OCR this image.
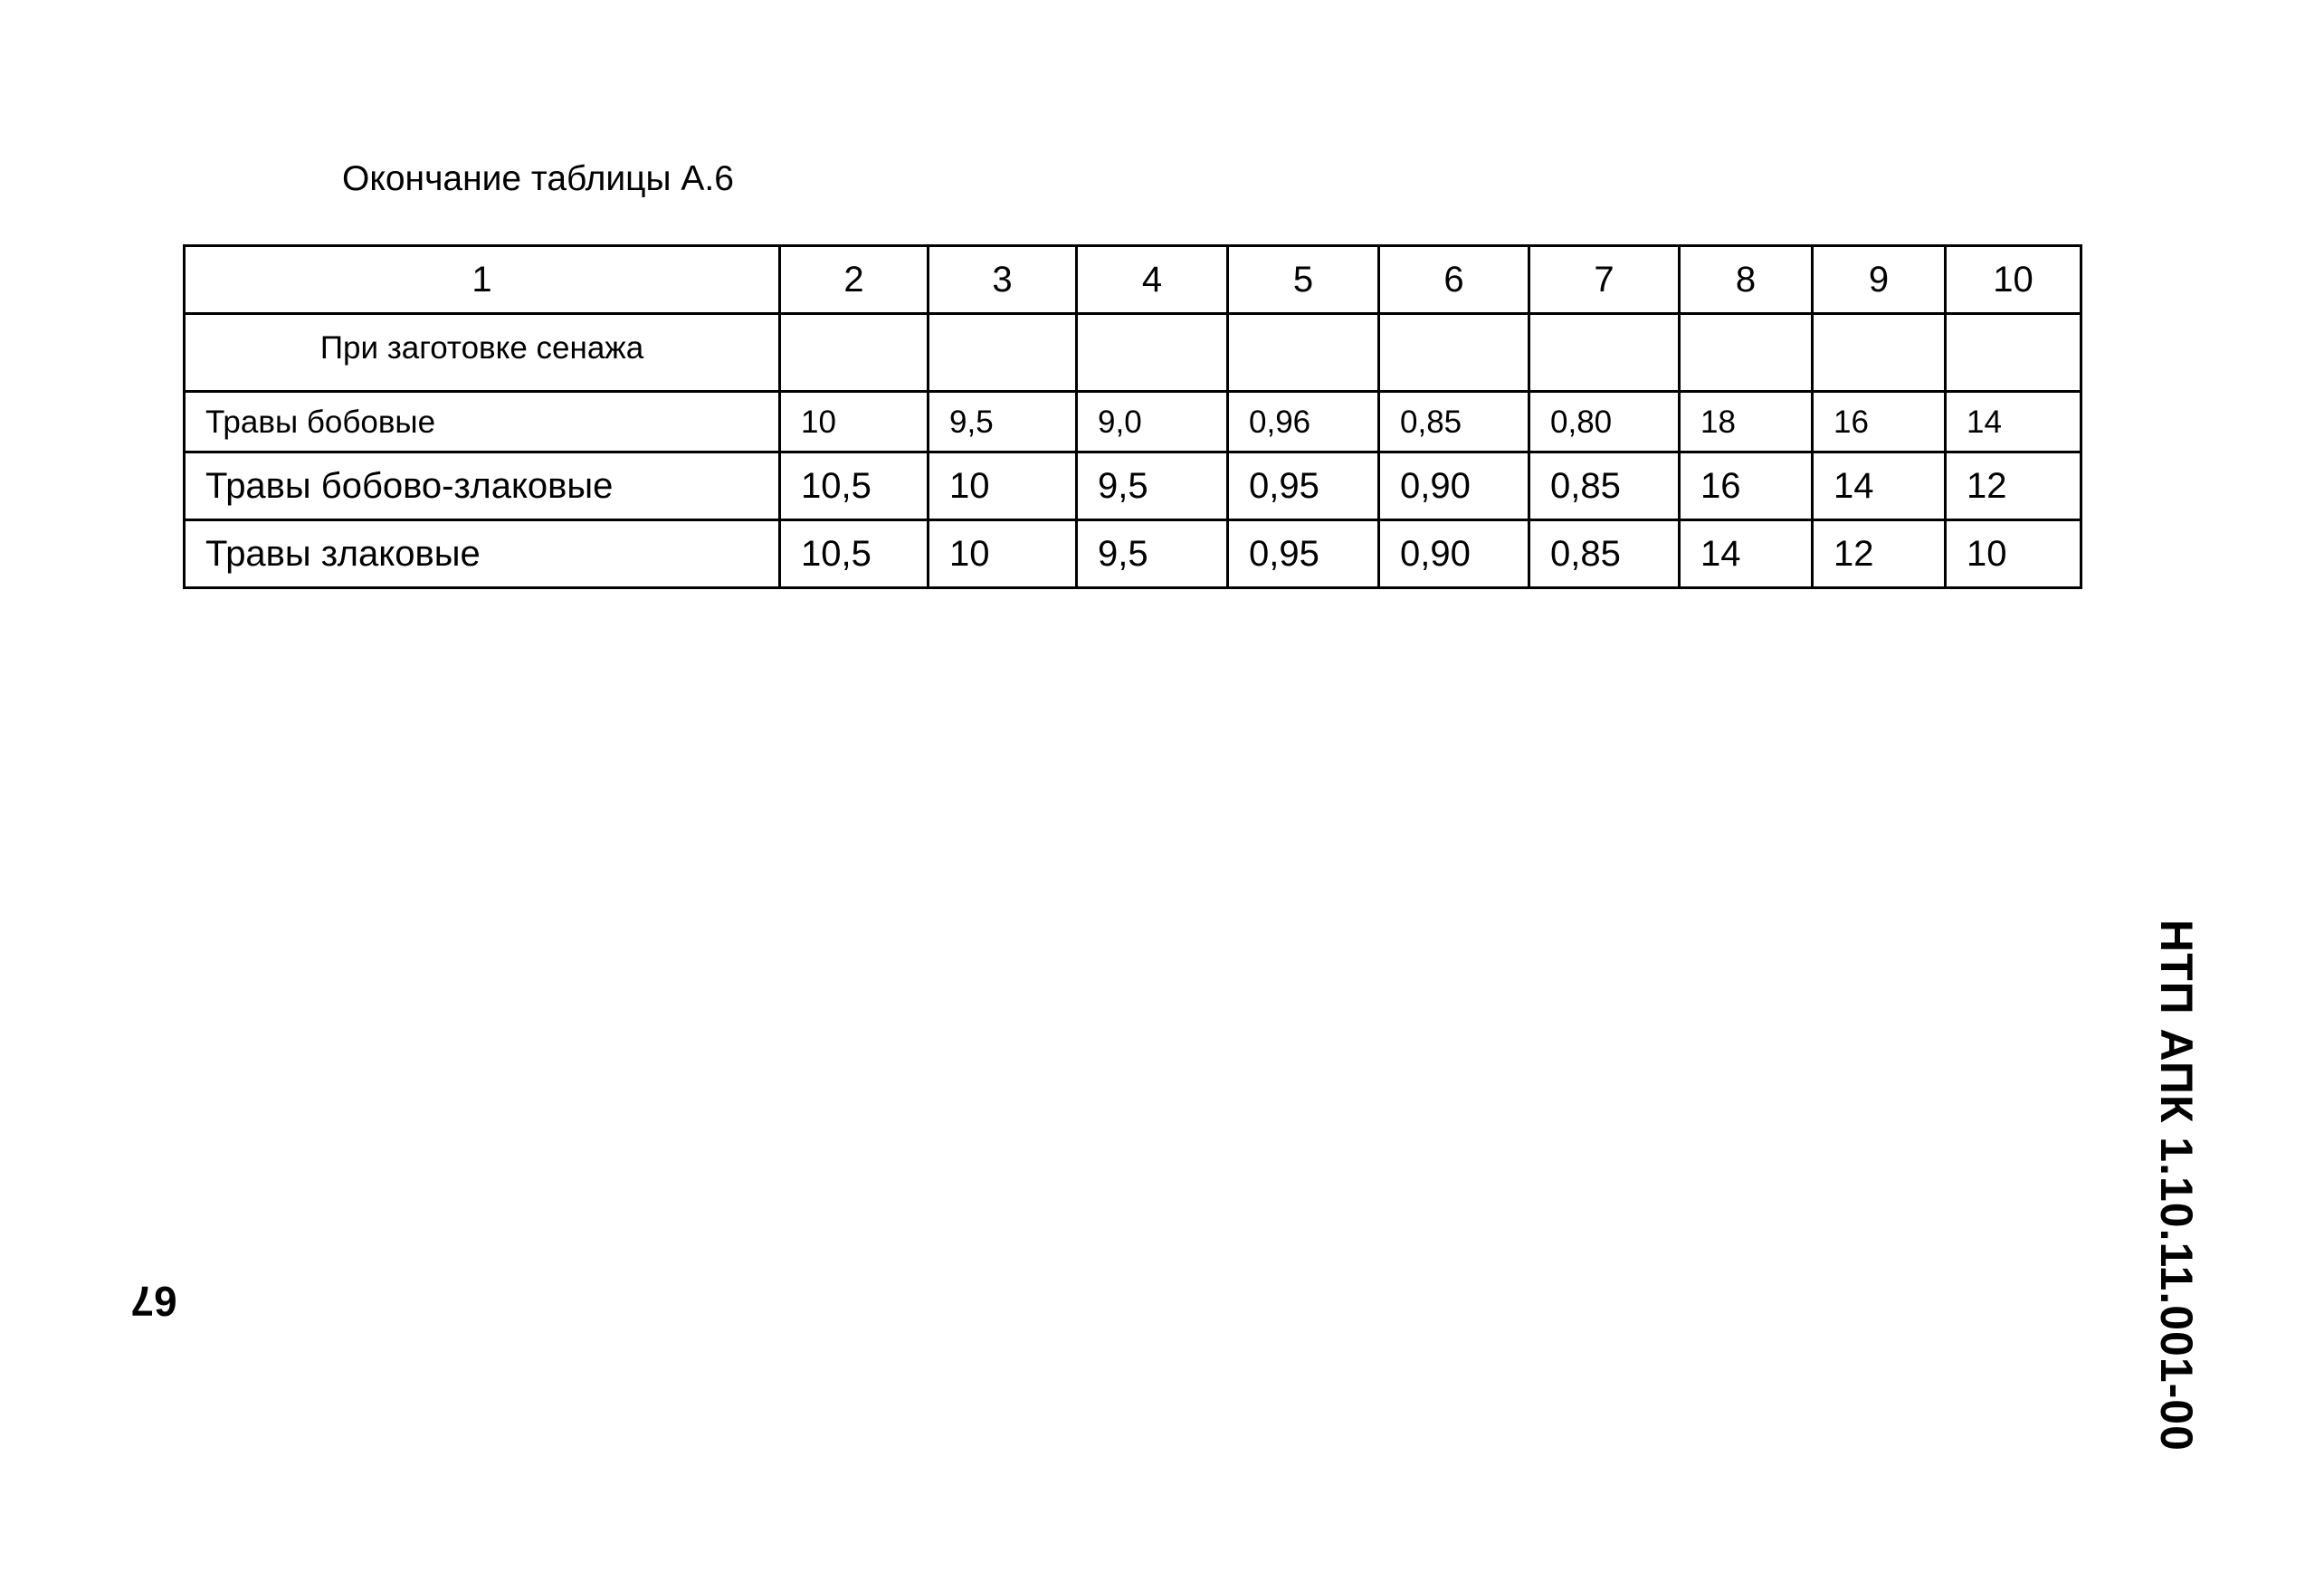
Окончание таблицы А.6
1	2	3	4	5	6	7	8	9	10
При заготовке сенажа									
Травы бобовые	10	9,5	9,0	0,96	0,85	0,80	18	16	14
Травы бобово-злаковые	10,5	10	9,5	0,95	0,90	0,85	16	14	12
Травы злаковые	10,5	10	9,5	0,95	0,90	0,85	14	12	10
67	НТП АПК 1.10.11.001-00
